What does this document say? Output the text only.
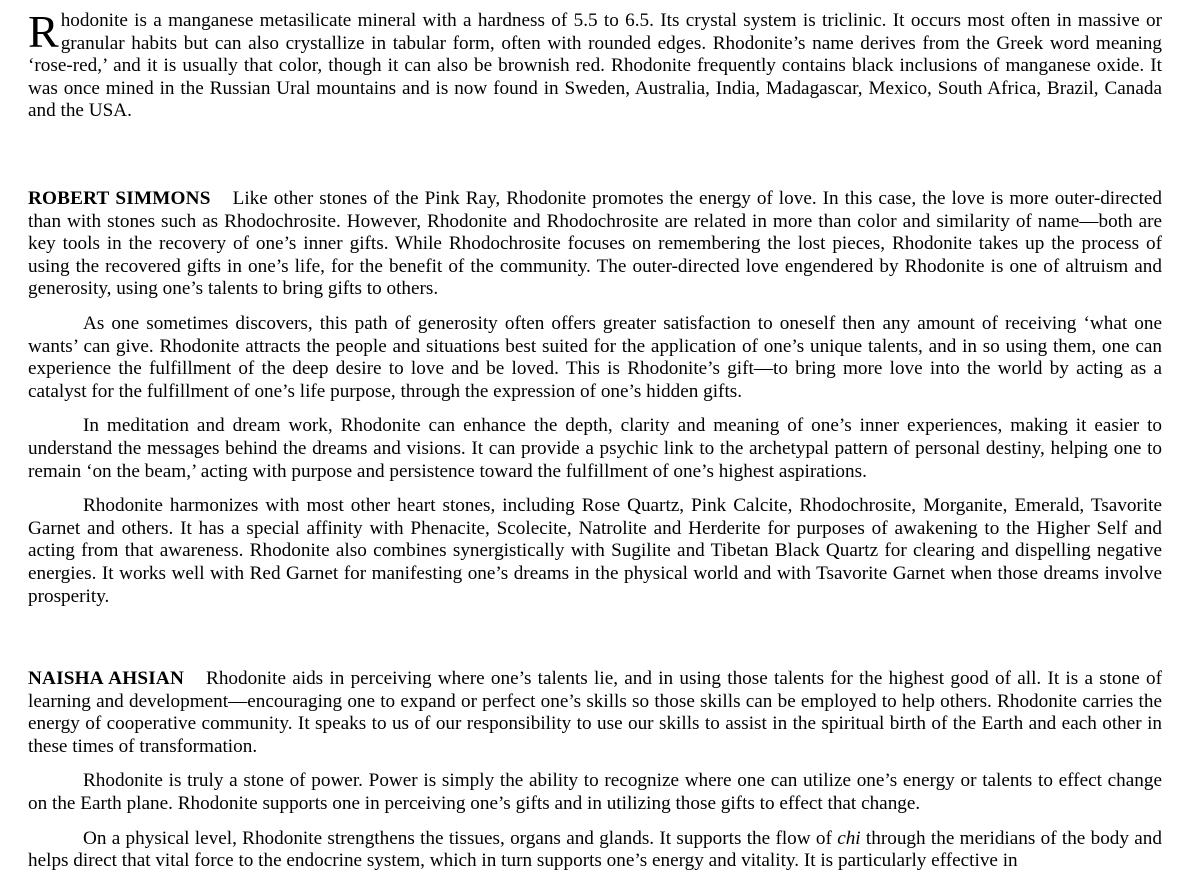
R hodonite is a manganese metasilicate mineral with a hardness of 5.5 to 6.5. Its crystal system is triclinic. It occurs most often in massive or granular habits but can also crystallize in tabular form, often with rounded edges. Rhodonite’s name derives from the Greek word meaning ‘rose-red,’ and it is usually that color, though it can also be brownish red. Rhodonite frequently contains black inclusions of manganese oxide. It was once mined in the Russian Ural mountains and is now found in Sweden, Australia, India, Madagascar, Mexico, South Africa, Brazil, Canada and the USA.

ROBERT SIMMONS Like other stones of the Pink Ray, Rhodonite promotes the energy of love. In this case, the love is more outer-directed than with stones such as Rhodochrosite. However, Rhodonite and Rhodochrosite are related in more than color and similarity of name—both are key tools in the recovery of one’s inner gifts. While Rhodochrosite focuses on remembering the lost pieces, Rhodonite takes up the process of using the recovered gifts in one’s life, for the benefit of the community. The outer-directed love engendered by Rhodonite is one of altruism and generosity, using one’s talents to bring gifts to others.

As one sometimes discovers, this path of generosity often offers greater satisfaction to oneself then any amount of receiving ‘what one wants’ can give. Rhodonite attracts the people and situations best suited for the application of one’s unique talents, and in so using them, one can experience the fulfillment of the deep desire to love and be loved. This is Rhodonite’s gift—to bring more love into the world by acting as a catalyst for the fulfillment of one’s life purpose, through the expression of one’s hidden gifts.

In meditation and dream work, Rhodonite can enhance the depth, clarity and meaning of one’s inner experiences, making it easier to understand the messages behind the dreams and visions. It can provide a psychic link to the archetypal pattern of personal destiny, helping one to remain ‘on the beam,’ acting with purpose and persistence toward the fulfillment of one’s highest aspirations.

Rhodonite harmonizes with most other heart stones, including Rose Quartz, Pink Calcite, Rhodochrosite, Morganite, Emerald, Tsavorite Garnet and others. It has a special affinity with Phenacite, Scolecite, Natrolite and Herderite for purposes of awakening to the Higher Self and acting from that awareness. Rhodonite also combines synergistically with Sugilite and Tibetan Black Quartz for clearing and dispelling negative energies. It works well with Red Garnet for manifesting one’s dreams in the physical world and with Tsavorite Garnet when those dreams involve prosperity.

NAISHA AHSIAN Rhodonite aids in perceiving where one’s talents lie, and in using those talents for the highest good of all. It is a stone of learning and development—encouraging one to expand or perfect one’s skills so those skills can be employed to help others. Rhodonite carries the energy of cooperative community. It speaks to us of our responsibility to use our skills to assist in the spiritual birth of the Earth and each other in these times of transformation.

Rhodonite is truly a stone of power. Power is simply the ability to recognize where one can utilize one’s energy or talents to effect change on the Earth plane. Rhodonite supports one in perceiving one’s gifts and in utilizing those gifts to effect that change.

On a physical level, Rhodonite strengthens the tissues, organs and glands. It supports the flow of chi through the meridians of the body and helps direct that vital force to the endocrine system, which in turn supports one’s energy and vitality. It is particularly effective in
